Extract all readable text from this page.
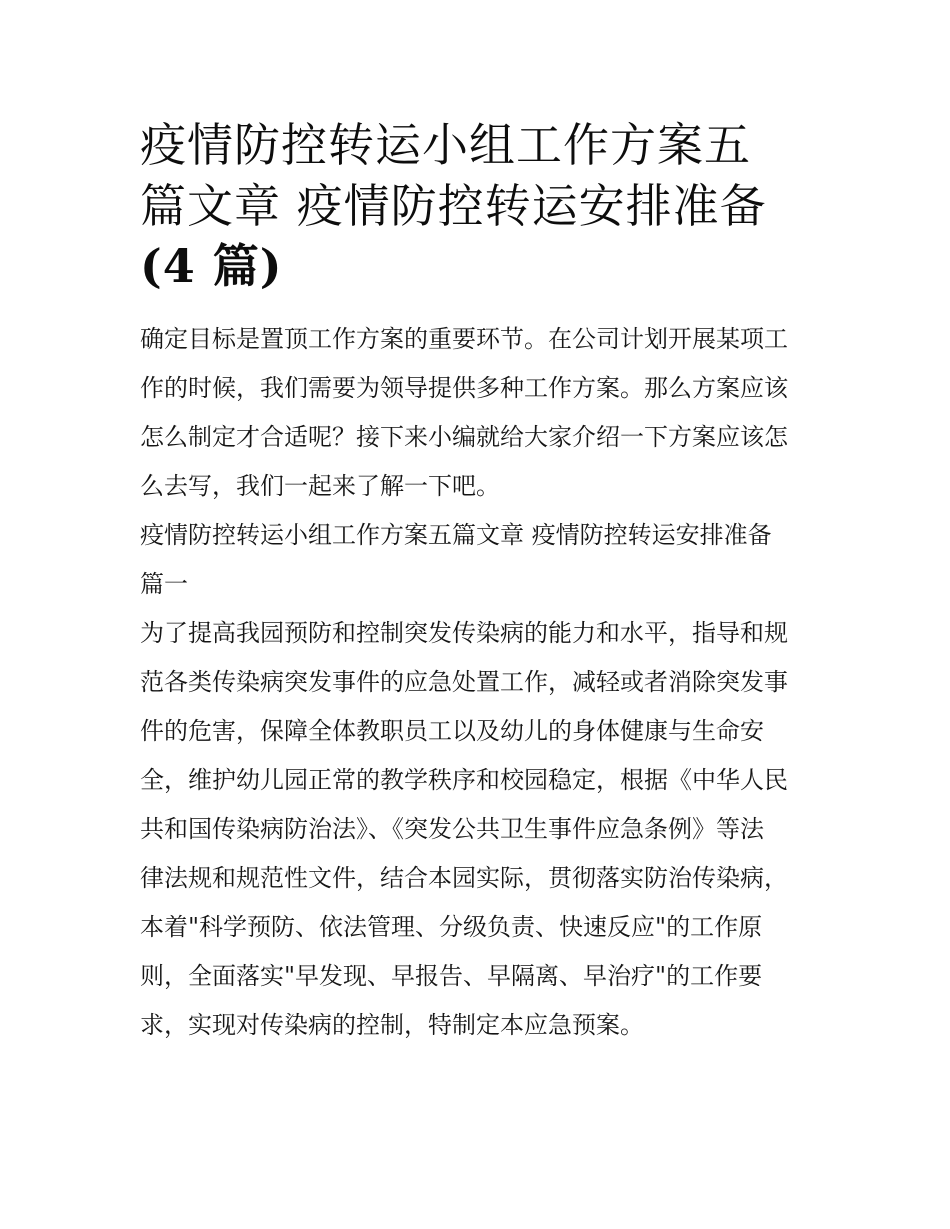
疫情防控转运小组工作方案五
篇文章 疫情防控转运安排准备
(4 篇)

确定目标是置顶工作方案的重要环节。在公司计划开展某项工
作的时候，我们需要为领导提供多种工作方案。那么方案应该
怎么制定才合适呢？接下来小编就给大家介绍一下方案应该怎
么去写，我们一起来了解一下吧。

疫情防控转运小组工作方案五篇文章 疫情防控转运安排准备
篇一

为了提高我园预防和控制突发传染病的能力和水平，指导和规
范各类传染病突发事件的应急处置工作，减轻或者消除突发事
件的危害，保障全体教职员工以及幼儿的身体健康与生命安
全，维护幼儿园正常的教学秩序和校园稳定，根据《中华人民
共和国传染病防治法》、《突发公共卫生事件应急条例》等法
律法规和规范性文件，结合本园实际，贯彻落实防治传染病，
本着"科学预防、依法管理、分级负责、快速反应"的工作原
则，全面落实"早发现、早报告、早隔离、早治疗"的工作要
求，实现对传染病的控制，特制定本应急预案。
